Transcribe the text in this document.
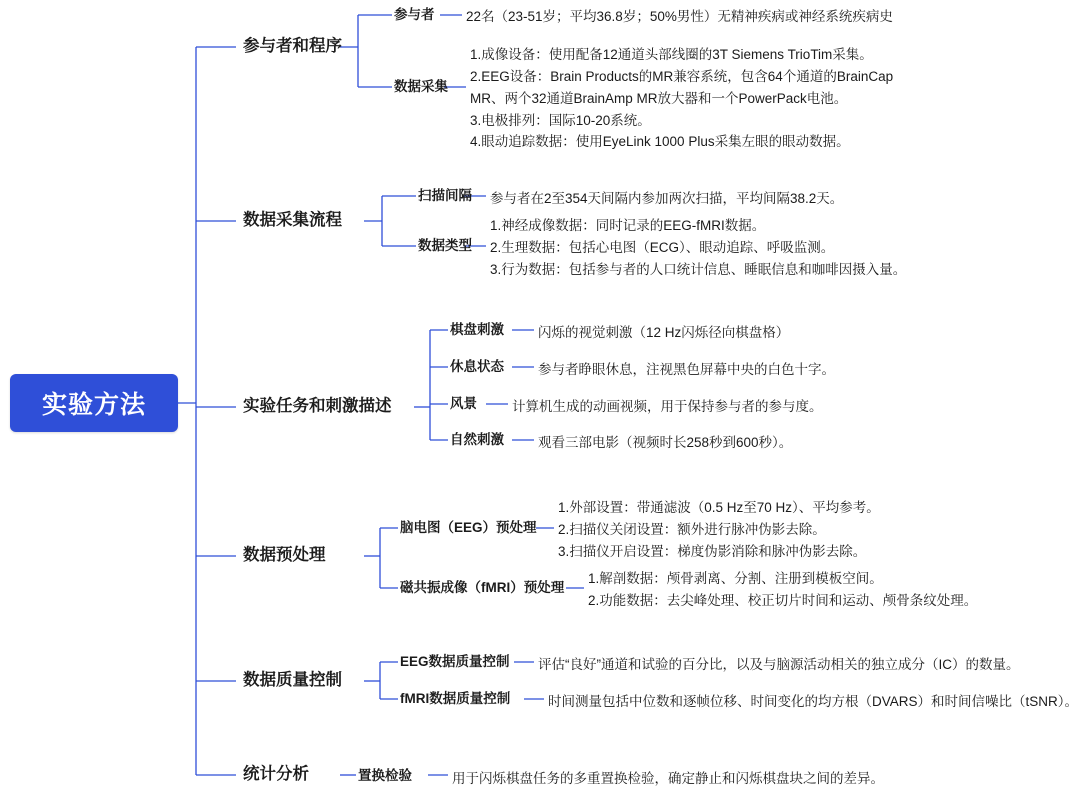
实验方法
参与者和程序
参与者 22名（23-51岁；平均36.8岁；50%男性）无精神疾病或神经系统疾病史
数据采集
1.成像设备：使用配备12通道头部线圈的3T Siemens TrioTim采集。
2.EEG设备：Brain Products的MR兼容系统，包含64个通道的BrainCap
MR、两个32通道BrainAmp MR放大器和一个PowerPack电池。
3.电极排列：国际10-20系统。
4.眼动追踪数据：使用EyeLink 1000 Plus采集左眼的眼动数据。
数据采集流程
扫描间隔 参与者在2至354天间隔内参加两次扫描，平均间隔38.2天。
数据类型
1.神经成像数据：同时记录的EEG-fMRI数据。
2.生理数据：包括心电图（ECG）、眼动追踪、呼吸监测。
3.行为数据：包括参与者的人口统计信息、睡眠信息和咖啡因摄入量。
实验任务和刺激描述
棋盘刺激	闪烁的视觉刺激（12 Hz闪烁径向棋盘格）
休息状态	参与者睁眼休息，注视黑色屏幕中央的白色十字。
风景	计算机生成的动画视频，用于保持参与者的参与度。
自然刺激	观看三部电影（视频时长258秒到600秒）。
数据预处理
脑电图（EEG）预处理
1.外部设置：带通滤波（0.5 Hz至70 Hz）、平均参考。
2.扫描仪关闭设置：额外进行脉冲伪影去除。
3.扫描仪开启设置：梯度伪影消除和脉冲伪影去除。
磁共振成像（fMRI）预处理
1.解剖数据：颅骨剥离、分割、注册到模板空间。
2.功能数据：去尖峰处理、校正切片时间和运动、颅骨条纹处理。
数据质量控制
EEG数据质量控制 评估“良好”通道和试验的百分比，以及与脑源活动相关的独立成分（IC）的数量。
fMRI数据质量控制	时间测量包括中位数和逐帧位移、时间变化的均方根（DVARS）和时间信噪比（tSNR）。
统计分析	置换检验	用于闪烁棋盘任务的多重置换检验，确定静止和闪烁棋盘块之间的差异。
